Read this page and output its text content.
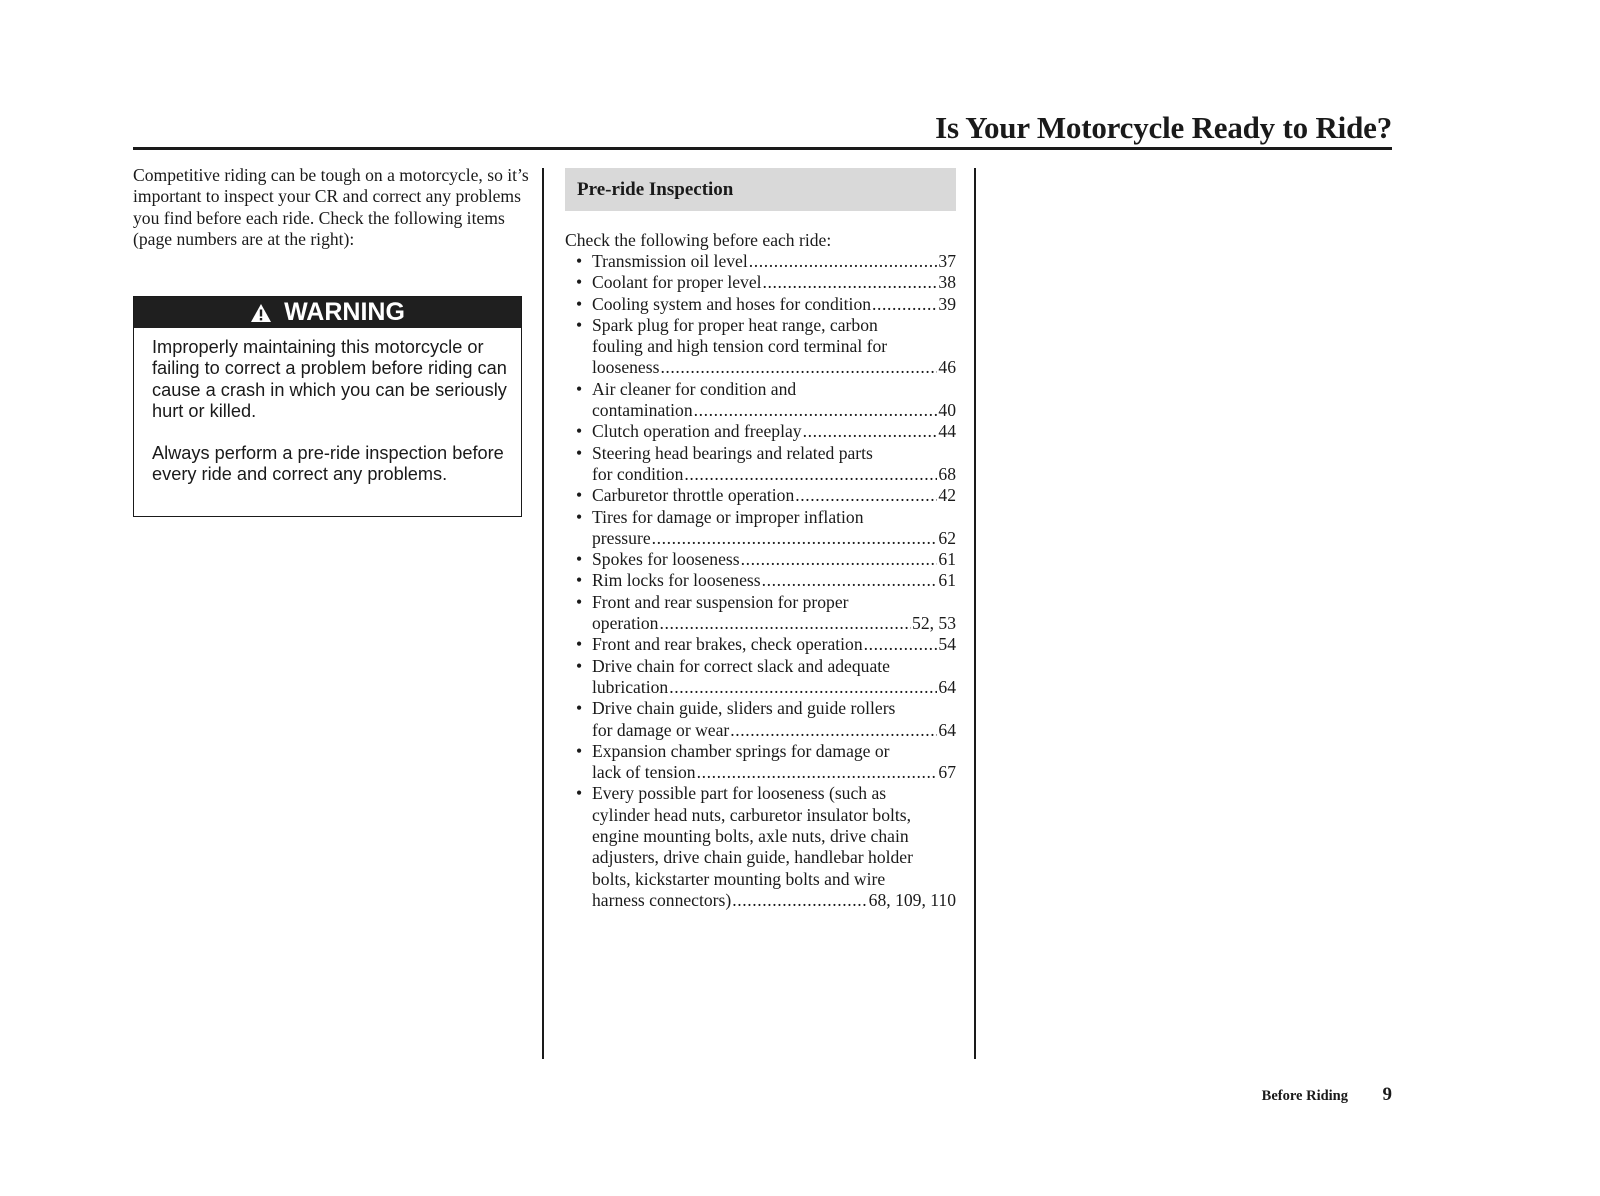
Is Your Motorcycle Ready to Ride?

Competitive riding can be tough on a motorcycle, so it’s important to inspect your CR and correct any problems you find before each ride. Check the following items (page numbers are at the right):

WARNING

Improperly maintaining this motorcycle or failing to correct a problem before riding can cause a crash in which you can be seriously hurt or killed.

Always perform a pre-ride inspection before every ride and correct any problems.

Pre-ride Inspection

Check the following before each ride:

• Transmission oil level .....	37
• Coolant for proper level .....	38
• Cooling system and hoses for condition .....	39
• Spark plug for proper heat range, carbon
fouling and high tension cord terminal for
looseness .....	46
• Air cleaner for condition and
contamination .....	40
• Clutch operation and freeplay .....	44
• Steering head bearings and related parts
for condition .....	68
• Carburetor throttle operation .....	42
• Tires for damage or improper inflation
pressure .....	62
• Spokes for looseness .....	61
• Rim locks for looseness .....	61
• Front and rear suspension for proper
operation .....	52, 53
• Front and rear brakes, check operation .....	54
• Drive chain for correct slack and adequate
lubrication .....	64
• Drive chain guide, sliders and guide rollers
for damage or wear .....	64
• Expansion chamber springs for damage or
lack of tension .....	67
• Every possible part for looseness (such as
cylinder head nuts, carburetor insulator bolts,
engine mounting bolts, axle nuts, drive chain
adjusters, drive chain guide, handlebar holder
bolts, kickstarter mounting bolts and wire
harness connectors) .....	68, 109, 110
Before Riding	9
